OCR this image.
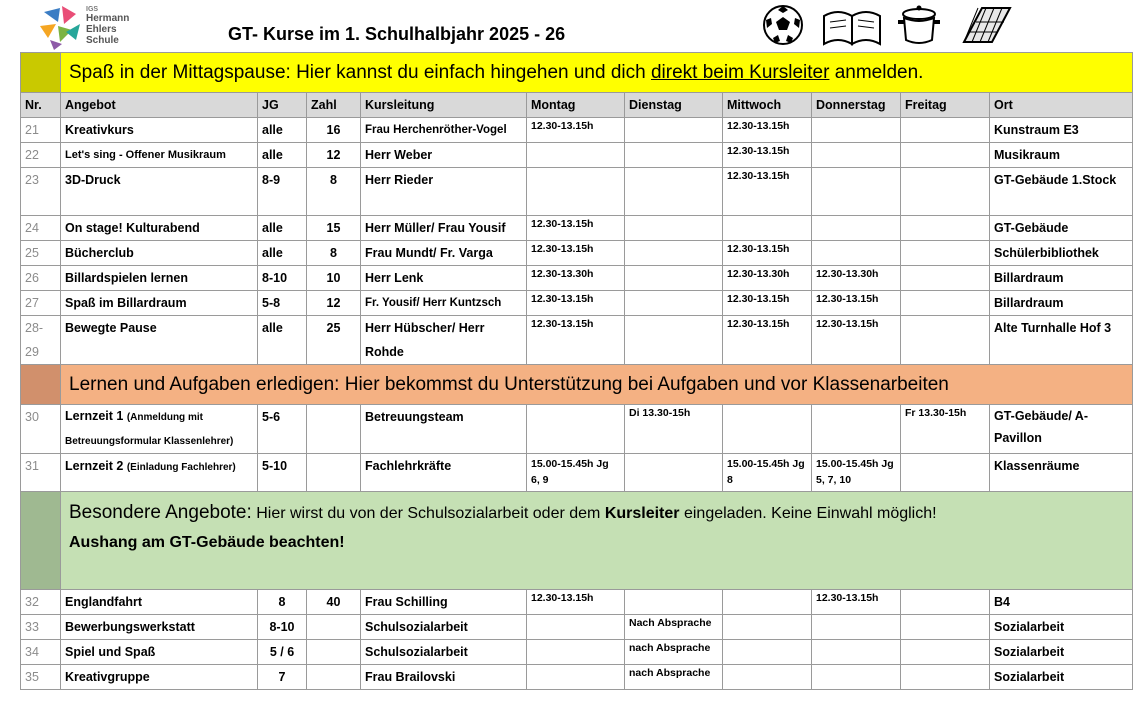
IGS
Hermann
Ehlers
Schule	GT- Kurse im 1. Schulhalbjahr 2025 - 26
	Spaß in der Mittagspause: Hier kannst du einfach hingehen und dich direkt beim Kursleiter anmelden.									
Nr.	Angebot	JG	Zahl	Kursleitung	Montag	Dienstag	Mittwoch	Donnerstag	Freitag	Ort
21	Kreativkurs	alle	16	Frau Herchenröther-Vogel	12.30-13.15h		12.30-13.15h			Kunstraum E3
22	Let's sing - Offener Musikraum	alle	12	Herr Weber			12.30-13.15h			Musikraum
23	3D-Druck	8-9	8	Herr Rieder			12.30-13.15h			GT-Gebäude 1.Stock
24	On stage! Kulturabend	alle	15	Herr Müller/ Frau Yousif	12.30-13.15h					GT-Gebäude
25	Bücherclub	alle	8	Frau Mundt/ Fr. Varga	12.30-13.15h		12.30-13.15h			Schülerbibliothek
26	Billardspielen lernen	8-10	10	Herr Lenk	12.30-13.30h		12.30-13.30h	12.30-13.30h		Billardraum
27	Spaß im Billardraum	5-8	12	Fr. Yousif/ Herr Kuntzsch	12.30-13.15h		12.30-13.15h	12.30-13.15h		Billardraum
28-29	Bewegte Pause	alle	25	Herr Hübscher/ Herr Rohde	12.30-13.15h		12.30-13.15h	12.30-13.15h		Alte Turnhalle Hof 3
	Lernen und Aufgaben erledigen: Hier bekommst du Unterstützung bei Aufgaben und vor Klassenarbeiten									
30	Lernzeit 1 (Anmeldung mit Betreuungsformular Klassenlehrer)	5-6		Betreuungsteam		Di 13.30-15h			Fr 13.30-15h	GT-Gebäude/ A-Pavillon
31	Lernzeit 2 (Einladung Fachlehrer)	5-10		Fachlehrkräfte	15.00-15.45h Jg 6, 9		15.00-15.45h Jg 8	15.00-15.45h Jg 5, 7, 10		Klassenräume
	Besondere Angebote: Hier wirst du von der Schulsozialarbeit oder dem Kursleiter eingeladen. Keine Einwahl möglich!
Aushang am GT-Gebäude beachten!									

32	Englandfahrt	8	40	Frau Schilling	12.30-13.15h			12.30-13.15h		B4
33	Bewerbungswerkstatt	8-10		Schulsozialarbeit		Nach Absprache				Sozialarbeit
34	Spiel und Spaß	5 / 6		Schulsozialarbeit		nach Absprache				Sozialarbeit
35	Kreativgruppe	7		Frau Brailovski		nach Absprache				Sozialarbeit
